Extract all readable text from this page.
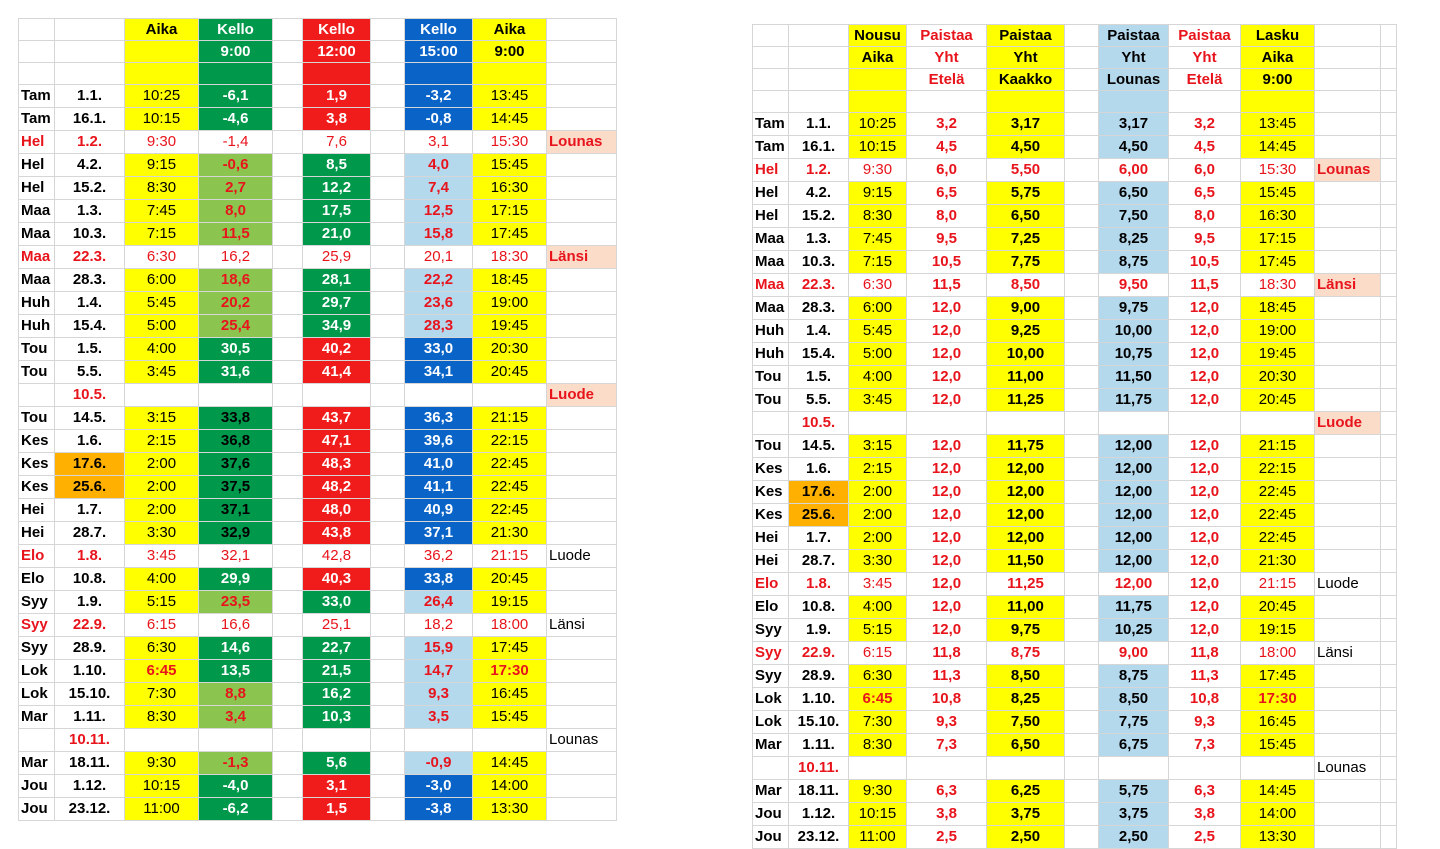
		Aika	Kello		Kello		Kello	Aika	
			9:00		12:00		15:00	9:00	

Tam	1.1.	10:25	-6,1		1,9		-3,2	13:45	
Tam	16.1.	10:15	-4,6		3,8		-0,8	14:45	
Hel	1.2.	9:30	-1,4		7,6		3,1	15:30	Lounas
Hel	4.2.	9:15	-0,6		8,5		4,0	15:45	
Hel	15.2.	8:30	2,7		12,2		7,4	16:30	
Maa	1.3.	7:45	8,0		17,5		12,5	17:15	
Maa	10.3.	7:15	11,5		21,0		15,8	17:45	
Maa	22.3.	6:30	16,2		25,9		20,1	18:30	Länsi
Maa	28.3.	6:00	18,6		28,1		22,2	18:45	
Huh	1.4.	5:45	20,2		29,7		23,6	19:00	
Huh	15.4.	5:00	25,4		34,9		28,3	19:45	
Tou	1.5.	4:00	30,5		40,2		33,0	20:30	
Tou	5.5.	3:45	31,6		41,4		34,1	20:45	
	10.5.								Luode
Tou	14.5.	3:15	33,8		43,7		36,3	21:15	
Kes	1.6.	2:15	36,8		47,1		39,6	22:15	
Kes	17.6.	2:00	37,6		48,3		41,0	22:45	
Kes	25.6.	2:00	37,5		48,2		41,1	22:45	
Hei	1.7.	2:00	37,1		48,0		40,9	22:45	
Hei	28.7.	3:30	32,9		43,8		37,1	21:30	
Elo	1.8.	3:45	32,1		42,8		36,2	21:15	Luode
Elo	10.8.	4:00	29,9		40,3		33,8	20:45	
Syy	1.9.	5:15	23,5		33,0		26,4	19:15	
Syy	22.9.	6:15	16,6		25,1		18,2	18:00	Länsi
Syy	28.9.	6:30	14,6		22,7		15,9	17:45	
Lok	1.10.	6:45	13,5		21,5		14,7	17:30	
Lok	15.10.	7:30	8,8		16,2		9,3	16:45	
Mar	1.11.	8:30	3,4		10,3		3,5	15:45	
	10.11.								Lounas
Mar	18.11.	9:30	-1,3		5,6		-0,9	14:45	
Jou	1.12.	10:15	-4,0		3,1		-3,0	14:00	
Jou	23.12.	11:00	-6,2		1,5		-3,8	13:30	
		Nousu	Paistaa	Paistaa		Paistaa	Paistaa	Lasku		
		Aika	Yht	Yht		Yht	Yht	Aika		
			Etelä	Kaakko		Lounas	Etelä	9:00		

Tam	1.1.	10:25	3,2	3,17		3,17	3,2	13:45		
Tam	16.1.	10:15	4,5	4,50		4,50	4,5	14:45		
Hel	1.2.	9:30	6,0	5,50		6,00	6,0	15:30	Lounas	
Hel	4.2.	9:15	6,5	5,75		6,50	6,5	15:45		
Hel	15.2.	8:30	8,0	6,50		7,50	8,0	16:30		
Maa	1.3.	7:45	9,5	7,25		8,25	9,5	17:15		
Maa	10.3.	7:15	10,5	7,75		8,75	10,5	17:45		
Maa	22.3.	6:30	11,5	8,50		9,50	11,5	18:30	Länsi	
Maa	28.3.	6:00	12,0	9,00		9,75	12,0	18:45		
Huh	1.4.	5:45	12,0	9,25		10,00	12,0	19:00		
Huh	15.4.	5:00	12,0	10,00		10,75	12,0	19:45		
Tou	1.5.	4:00	12,0	11,00		11,50	12,0	20:30		
Tou	5.5.	3:45	12,0	11,25		11,75	12,0	20:45		
	10.5.								Luode	
Tou	14.5.	3:15	12,0	11,75		12,00	12,0	21:15		
Kes	1.6.	2:15	12,0	12,00		12,00	12,0	22:15		
Kes	17.6.	2:00	12,0	12,00		12,00	12,0	22:45		
Kes	25.6.	2:00	12,0	12,00		12,00	12,0	22:45		
Hei	1.7.	2:00	12,0	12,00		12,00	12,0	22:45		
Hei	28.7.	3:30	12,0	11,50		12,00	12,0	21:30		
Elo	1.8.	3:45	12,0	11,25		12,00	12,0	21:15	Luode	
Elo	10.8.	4:00	12,0	11,00		11,75	12,0	20:45		
Syy	1.9.	5:15	12,0	9,75		10,25	12,0	19:15		
Syy	22.9.	6:15	11,8	8,75		9,00	11,8	18:00	Länsi	
Syy	28.9.	6:30	11,3	8,50		8,75	11,3	17:45		
Lok	1.10.	6:45	10,8	8,25		8,50	10,8	17:30		
Lok	15.10.	7:30	9,3	7,50		7,75	9,3	16:45		
Mar	1.11.	8:30	7,3	6,50		6,75	7,3	15:45		
	10.11.								Lounas	
Mar	18.11.	9:30	6,3	6,25		5,75	6,3	14:45		
Jou	1.12.	10:15	3,8	3,75		3,75	3,8	14:00		
Jou	23.12.	11:00	2,5	2,50		2,50	2,5	13:30		
